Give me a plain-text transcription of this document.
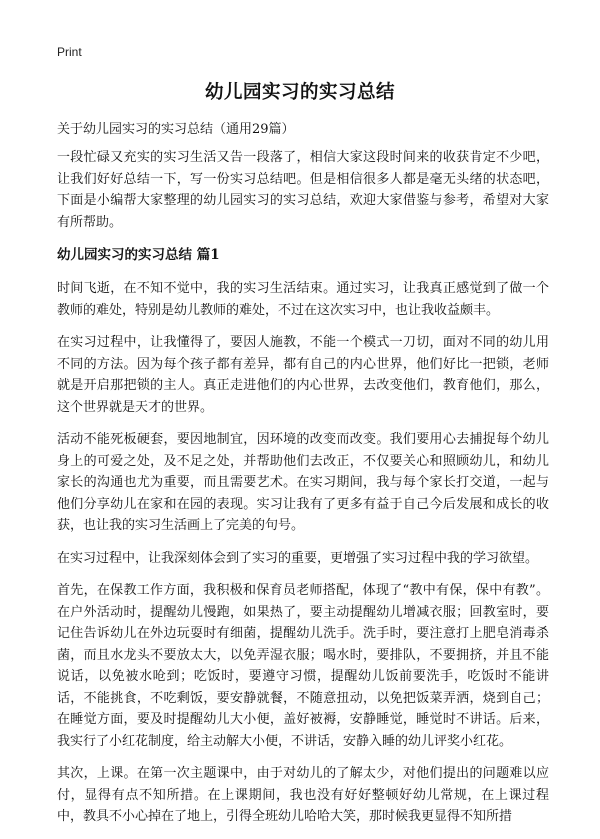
Print
幼儿园实习的实习总结
关于幼儿园实习的实习总结（通用29篇）

一段忙碌又充实的实习生活又告一段落了，相信大家这段时间来的收获肯定不少吧，让我们好好总结一下，写一份实习总结吧。但是相信很多人都是毫无头绪的状态吧，下面是小编帮大家整理的幼儿园实习的实习总结，欢迎大家借鉴与参考，希望对大家有所帮助。

幼儿园实习的实习总结 篇1

时间飞逝，在不知不觉中，我的实习生活结束。通过实习，让我真正感觉到了做一个教师的难处，特别是幼儿教师的难处，不过在这次实习中，也让我收益颇丰。

在实习过程中，让我懂得了，要因人施教，不能一个模式一刀切，面对不同的幼儿用不同的方法。因为每个孩子都有差异，都有自己的内心世界，他们好比一把锁，老师就是开启那把锁的主人。真正走进他们的内心世界，去改变他们，教育他们，那么，这个世界就是天才的世界。

活动不能死板硬套，要因地制宜，因环境的改变而改变。我们要用心去捕捉每个幼儿身上的可爱之处，及不足之处，并帮助他们去改正，不仅要关心和照顾幼儿，和幼儿家长的沟通也尤为重要，而且需要艺术。在实习期间，我与每个家长打交道，一起与他们分享幼儿在家和在园的表现。实习让我有了更多有益于自己今后发展和成长的收获，也让我的实习生活画上了完美的句号。

在实习过程中，让我深刻体会到了实习的重要，更增强了实习过程中我的学习欲望。

首先，在保教工作方面，我积极和保育员老师搭配，体现了“教中有保，保中有教”。在户外活动时，提醒幼儿慢跑，如果热了，要主动提醒幼儿增减衣服；回教室时，要记住告诉幼儿在外边玩耍时有细菌，提醒幼儿洗手。洗手时，要注意打上肥皂消毒杀菌，而且水龙头不要放太大，以免弄湿衣服；喝水时，要排队，不要拥挤，并且不能说话，以免被水呛到；吃饭时，要遵守习惯，提醒幼儿饭前要洗手，吃饭时不能讲话，不能挑食，不吃剩饭，要安静就餐，不随意扭动，以免把饭菜弄洒，烧到自己；在睡觉方面，要及时提醒幼儿大小便，盖好被褥，安静睡觉，睡觉时不讲话。后来，我实行了小红花制度，给主动解大小便，不讲话，安静入睡的幼儿评奖小红花。

其次，上课。在第一次主题课中，由于对幼儿的了解太少，对他们提出的问题难以应付，显得有点不知所措。在上课期间，我也没有好好整顿好幼儿常规，在上课过程中，教具不小心掉在了地上，引得全班幼儿哈哈大笑，那时候我更显得不知所措
